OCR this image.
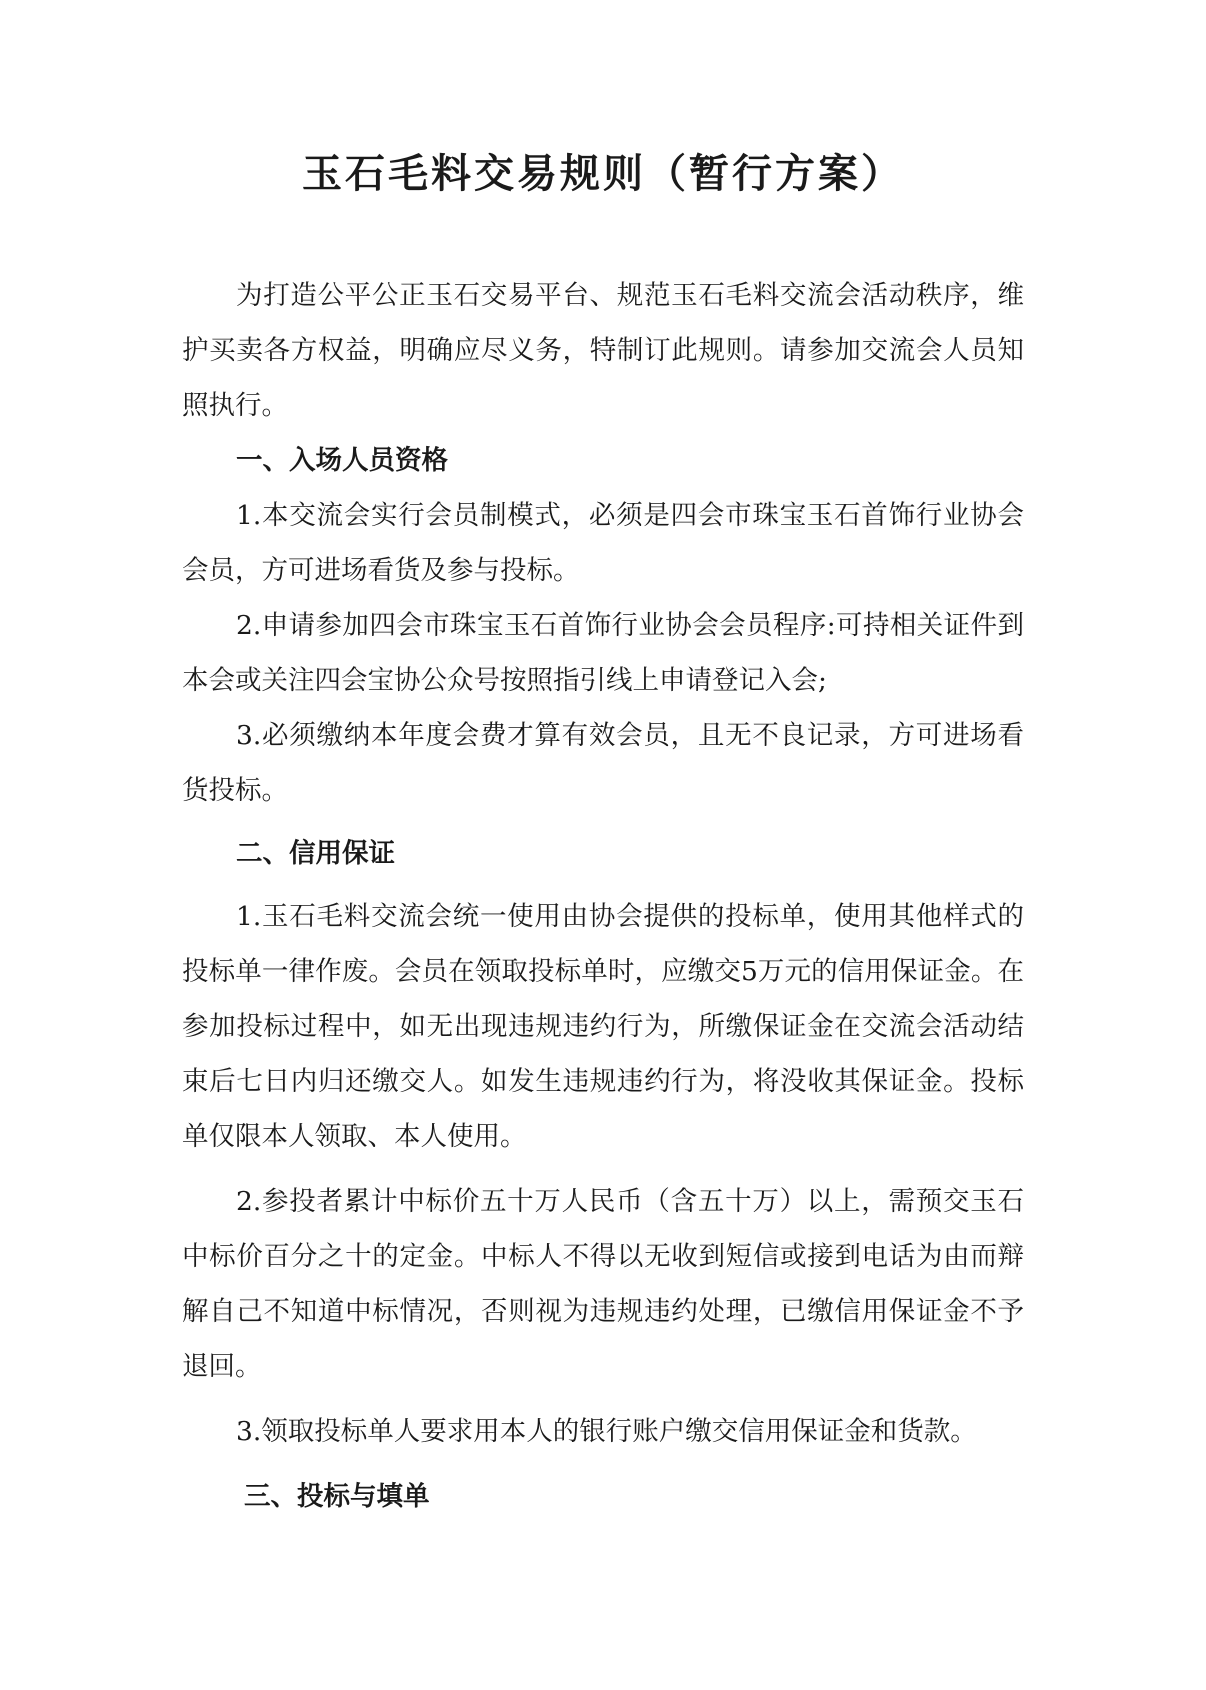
玉石毛料交易规则（暂行方案）

为打造公平公正玉石交易平台、规范玉石毛料交流会活动秩序，维护买卖各方权益，明确应尽义务，特制订此规则。请参加交流会人员知照执行。

一、入场人员资格

1.本交流会实行会员制模式，必须是四会市珠宝玉石首饰行业协会会员，方可进场看货及参与投标。

2.申请参加四会市珠宝玉石首饰行业协会会员程序:可持相关证件到本会或关注四会宝协公众号按照指引线上申请登记入会;

3.必须缴纳本年度会费才算有效会员，且无不良记录，方可进场看货投标。

二、信用保证

1.玉石毛料交流会统一使用由协会提供的投标单，使用其他样式的投标单一律作废。会员在领取投标单时，应缴交5万元的信用保证金。在参加投标过程中，如无出现违规违约行为，所缴保证金在交流会活动结束后七日内归还缴交人。如发生违规违约行为，将没收其保证金。投标单仅限本人领取、本人使用。

2.参投者累计中标价五十万人民币（含五十万）以上，需预交玉石中标价百分之十的定金。中标人不得以无收到短信或接到电话为由而辩解自己不知道中标情况，否则视为违规违约处理，已缴信用保证金不予退回。

3.领取投标单人要求用本人的银行账户缴交信用保证金和货款。

三、投标与填单
